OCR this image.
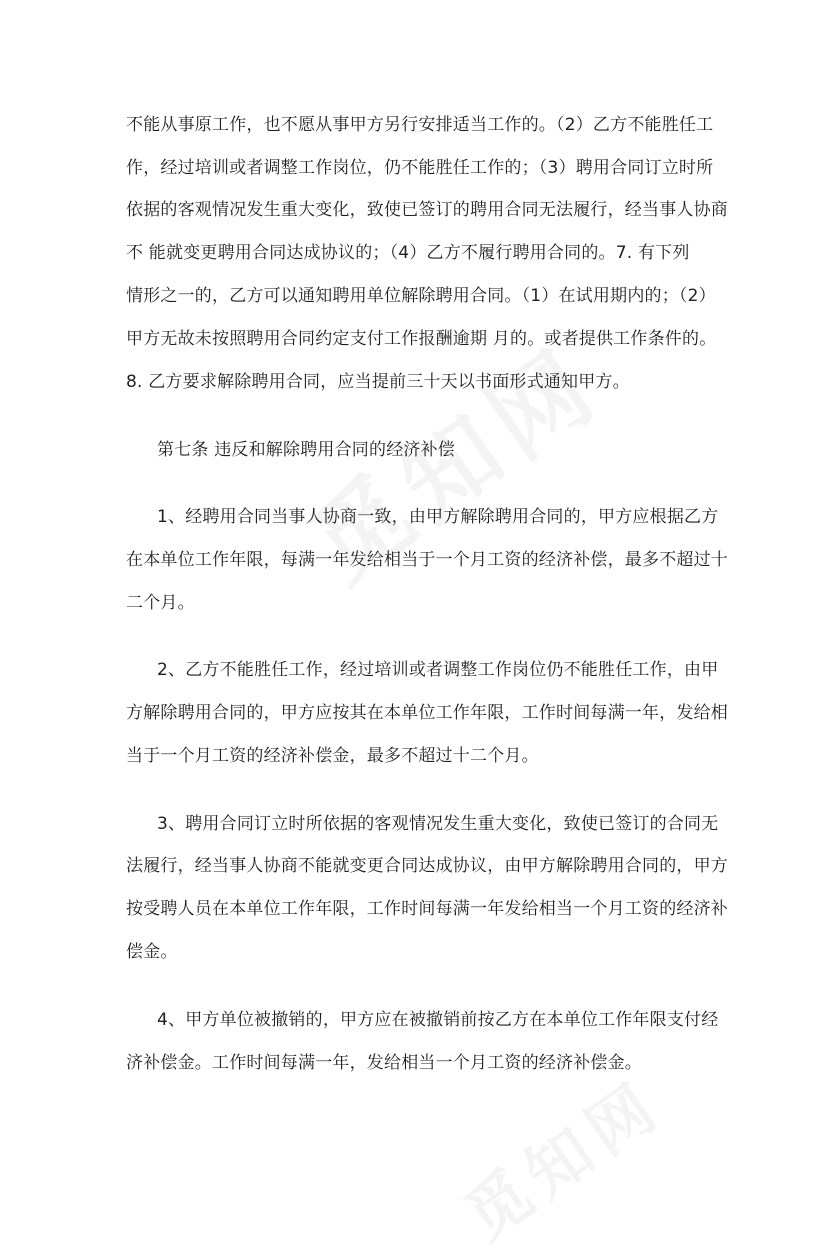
不能从事原工作，也不愿从事甲方另行安排适当工作的。（2）乙方不能胜任工
作，经过培训或者调整工作岗位，仍不能胜任工作的；（3）聘用合同订立时所
依据的客观情况发生重大变化，致使已签订的聘用合同无法履行，经当事人协商
不 能就变更聘用合同达成协议的；（4）乙方不履行聘用合同的。7. 有下列
情形之一的，乙方可以通知聘用单位解除聘用合同。（1）在试用期内的；（2）
甲方无故未按照聘用合同约定支付工作报酬逾期 月的。或者提供工作条件的。
8. 乙方要求解除聘用合同，应当提前三十天以书面形式通知甲方。
第七条 违反和解除聘用合同的经济补偿
1、经聘用合同当事人协商一致，由甲方解除聘用合同的，甲方应根据乙方
在本单位工作年限，每满一年发给相当于一个月工资的经济补偿，最多不超过十
二个月。
2、乙方不能胜任工作，经过培训或者调整工作岗位仍不能胜任工作，由甲
方解除聘用合同的，甲方应按其在本单位工作年限，工作时间每满一年，发给相
当于一个月工资的经济补偿金，最多不超过十二个月。
3、聘用合同订立时所依据的客观情况发生重大变化，致使已签订的合同无
法履行，经当事人协商不能就变更合同达成协议，由甲方解除聘用合同的，甲方
按受聘人员在本单位工作年限，工作时间每满一年发给相当一个月工资的经济补
偿金。
4、甲方单位被撤销的，甲方应在被撤销前按乙方在本单位工作年限支付经
济补偿金。工作时间每满一年，发给相当一个月工资的经济补偿金。
